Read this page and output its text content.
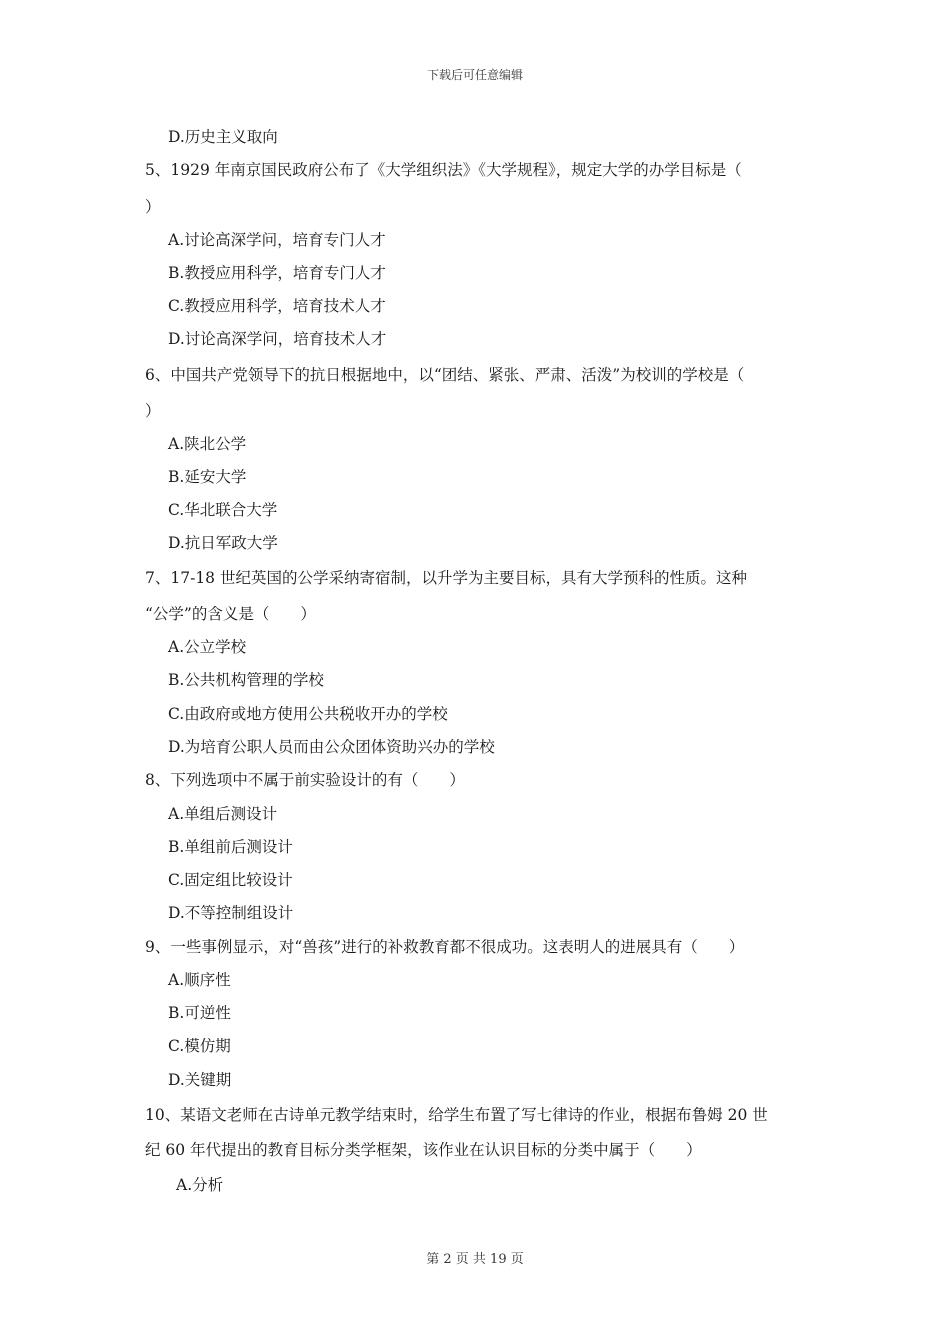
下载后可任意编辑
D.历史主义取向
5、1929 年南京国民政府公布了《大学组织法》《大学规程》，规定大学的办学目标是（
）
A.讨论高深学问，培育专门人才
B.教授应用科学，培育专门人才
C.教授应用科学，培育技术人才
D.讨论高深学问，培育技术人才
6、中国共产党领导下的抗日根据地中，以“团结、紧张、严肃、活泼”为校训的学校是（
）
A.陕北公学
B.延安大学
C.华北联合大学
D.抗日军政大学
7、17-18 世纪英国的公学采纳寄宿制，以升学为主要目标，具有大学预科的性质。这种
“公学”的含义是（　　）
A.公立学校
B.公共机构管理的学校
C.由政府或地方使用公共税收开办的学校
D.为培育公职人员而由公众团体资助兴办的学校
8、下列选项中不属于前实验设计的有（　　）
A.单组后测设计
B.单组前后测设计
C.固定组比较设计
D.不等控制组设计
9、一些事例显示，对“兽孩”进行的补救教育都不很成功。这表明人的进展具有（　　）
A.顺序性
B.可逆性
C.模仿期
D.关键期
10、某语文老师在古诗单元教学结束时，给学生布置了写七律诗的作业，根据布鲁姆 20 世
纪 60 年代提出的教育目标分类学框架，该作业在认识目标的分类中属于（　　）
A.分析
第 2 页 共 19 页
